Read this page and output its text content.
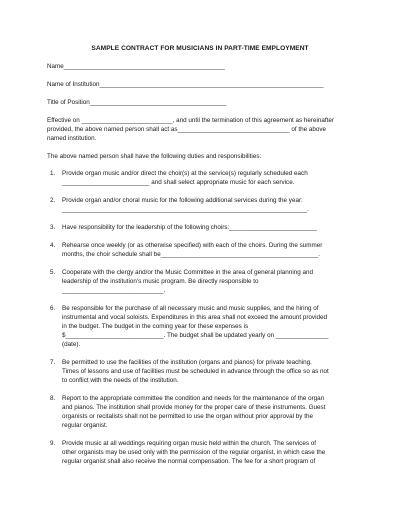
SAMPLE CONTRACT FOR MUSICIANS IN PART-TIME EMPLOYMENT
Name______________________________________________
Name of Institution________________________________________________________________
Title of Position_______________________________________
Effective on __________________________, and until the termination of this agreement as hereinafter
provided, the above named person shall act as________________________________ of the above
named institution.
The above named person shall have the following duties and responsibilities:
1. Provide organ music and/or direct the choir(s) at the service(s) regularly scheduled each
_________________________ and shall select appropriate music for each service.
2. Provide organ and/or choral music for the following additional services during the year:
______________________________________________________________________.
3. Have responsibility for the leadership of the following choirs:_________________________
4. Rehearse once weekly (or as otherwise specified) with each of the choirs. During the summer
months, the choir schedule shall be_____________________________________________.
5. Cooperate with the clergy and/or the Music Committee in the area of general planning and
leadership of the institution's music program. Be directly responsible to
_____________________________.
6. Be responsible for the purchase of all necessary music and music supplies, and the hiring of
instrumental and vocal soloists. Expenditures in this area shall not exceed the amount provided
in the budget. The budget in the coming year for these expenses is
$____________________________. The budget shall be updated yearly on _______________
(date).
7. Be permitted to use the facilities of the institution (organs and pianos) for private teaching.
Times of lessons and use of facilities must be scheduled in advance through the office so as not
to conflict with the needs of the institution.
8. Report to the appropriate committee the condition and needs for the maintenance of the organ
and pianos. The institution shall provide money for the proper care of these instruments. Guest
organists or recitalists shall not be permitted to use the organ without prior approval by the
regular organist.
9. Provide music at all weddings requiring organ music held within the church. The services of
other organists may be used only with the permission of the regular organist, in which case the
regular organist shall also receive the normal compensation. The fee for a short program of
